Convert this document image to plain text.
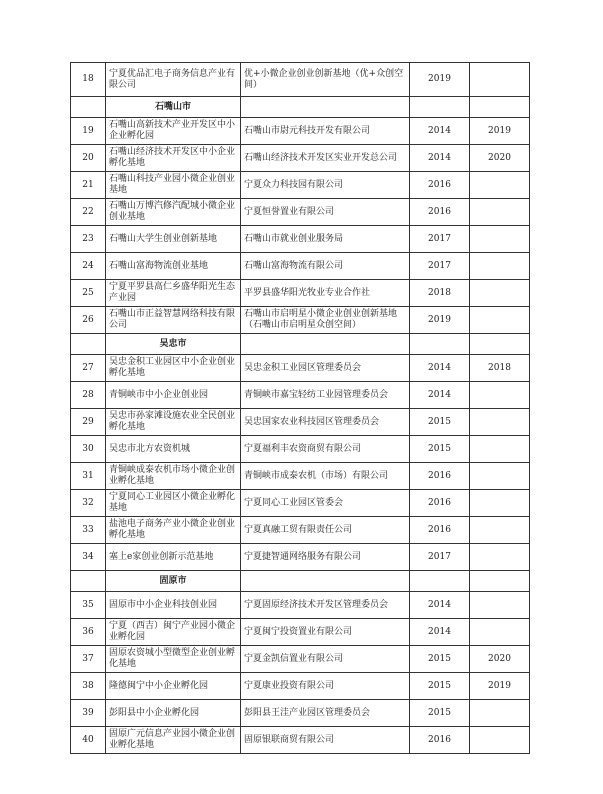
18	宁夏优品汇电子商务信息产业有限公司	优+小微企业创业创新基地（优+众创空间）	2019	
	石嘴山市			
19	石嘴山高新技术产业开发区中小企业孵化园	石嘴山市尉元科技开发有限公司	2014	2019
20	石嘴山经济技术开发区中小企业孵化基地	石嘴山经济技术开发区实业开发总公司	2014	2020
21	石嘴山科技产业园小微企业创业基地	宁夏众力科技园有限公司	2016	
22	石嘴山万博汽修汽配城小微企业创业基地	宁夏恒誉置业有限公司	2016	
23	石嘴山大学生创业创新基地	石嘴山市就业创业服务局	2017	
24	石嘴山富海物流创业基地	石嘴山富海物流有限公司	2017	
25	宁夏平罗县高仁乡盛华阳光生态产业园	平罗县盛华阳光牧业专业合作社	2018	
26	石嘴山市正益智慧网络科技有限公司	石嘴山市启明星小微企业创业创新基地（石嘴山市启明星众创空间）	2019	
	吴忠市			
27	吴忠金积工业园区中小企业创业孵化基地	吴忠金积工业园区管理委员会	2014	2018
28	青铜峡市中小企业创业园	青铜峡市嘉宝轻纺工业园管理委员会	2014	
29	吴忠市孙家滩设施农业全民创业孵化基地	吴忠国家农业科技园区管理委员会	2015	
30	吴忠市北方农资机城	宁夏福利丰农资商贸有限公司	2015	
31	青铜峡成泰农机市场小微企业创业孵化基地	青铜峡市成泰农机（市场）有限公司	2016	
32	宁夏同心工业园区小微企业孵化基地	宁夏同心工业园区管委会	2016	
33	盐池电子商务产业小微企业创业孵化基地	宁夏真融工贸有限责任公司	2016	
34	塞上e家创业创新示范基地	宁夏捷智通网络服务有限公司	2017	
	固原市			
35	固原市中小企业科技创业园	宁夏固原经济技术开发区管理委员会	2014	
36	宁夏（西吉）闽宁产业园小微企业孵化园	宁夏闽宁投资置业有限公司	2014	
37	固原农资城小型微型企业创业孵化基地	宁夏金凯信置业有限公司	2015	2020
38	隆德闽宁中小企业孵化园	宁夏康业投资有限公司	2015	2019
39	彭阳县中小企业孵化园	彭阳县王洼产业园区管理委员会	2015	
40	固原广元信息产业园小微企业创业孵化基地	固原银联商贸有限公司	2016	
